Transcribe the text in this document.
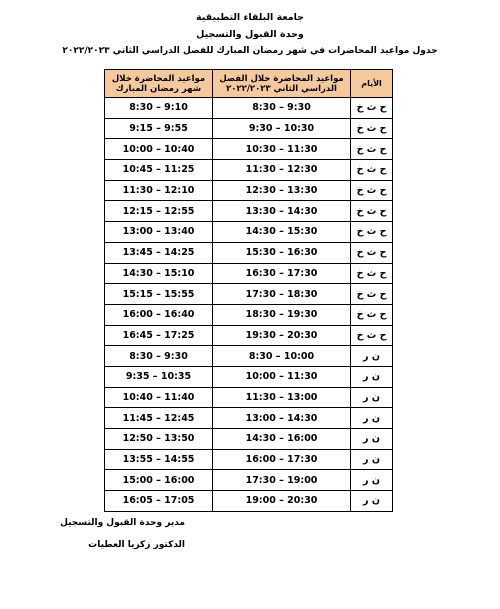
جامعة البلقاء التطبيقية
وحدة القبول والتسجيل
جدول مواعيد المحاضرات في شهر رمضان المبارك للفصل الدراسي الثاني ٢٠٢٢/٢٠٢٣
مواعيد المحاضرة خلال شهر رمضان المبارك	مواعيد المحاضرة خلال الفصل الدراسي الثاني ٢٠٢٢/٢٠٢٣	الأيام
8:30 – 9:10	8:30 – 9:30	ح ث خ
9:15 – 9:55	9:30 – 10:30	ح ث خ
10:00 – 10:40	10:30 – 11:30	ح ث خ
10:45 – 11:25	11:30 – 12:30	ح ث خ
11:30 – 12:10	12:30 – 13:30	ح ث خ
12:15 – 12:55	13:30 – 14:30	ح ث خ
13:00 – 13:40	14:30 – 15:30	ح ث خ
13:45 – 14:25	15:30 – 16:30	ح ث خ
14:30 – 15:10	16:30 – 17:30	ح ث خ
15:15 – 15:55	17:30 – 18:30	ح ث خ
16:00 – 16:40	18:30 – 19:30	ح ث خ
16:45 – 17:25	19:30 – 20:30	ح ث خ
8:30 – 9:30	8:30 – 10:00	ن ر
9:35 – 10:35	10:00 – 11:30	ن ر
10:40 – 11:40	11:30 – 13:00	ن ر
11:45 – 12:45	13:00 – 14:30	ن ر
12:50 – 13:50	14:30 – 16:00	ن ر
13:55 – 14:55	16:00 – 17:30	ن ر
15:00 – 16:00	17:30 – 19:00	ن ر
16:05 – 17:05	19:00 – 20:30	ن ر
مدير وحدة القبول والتسجيل
الدكتور زكريا العطيات
